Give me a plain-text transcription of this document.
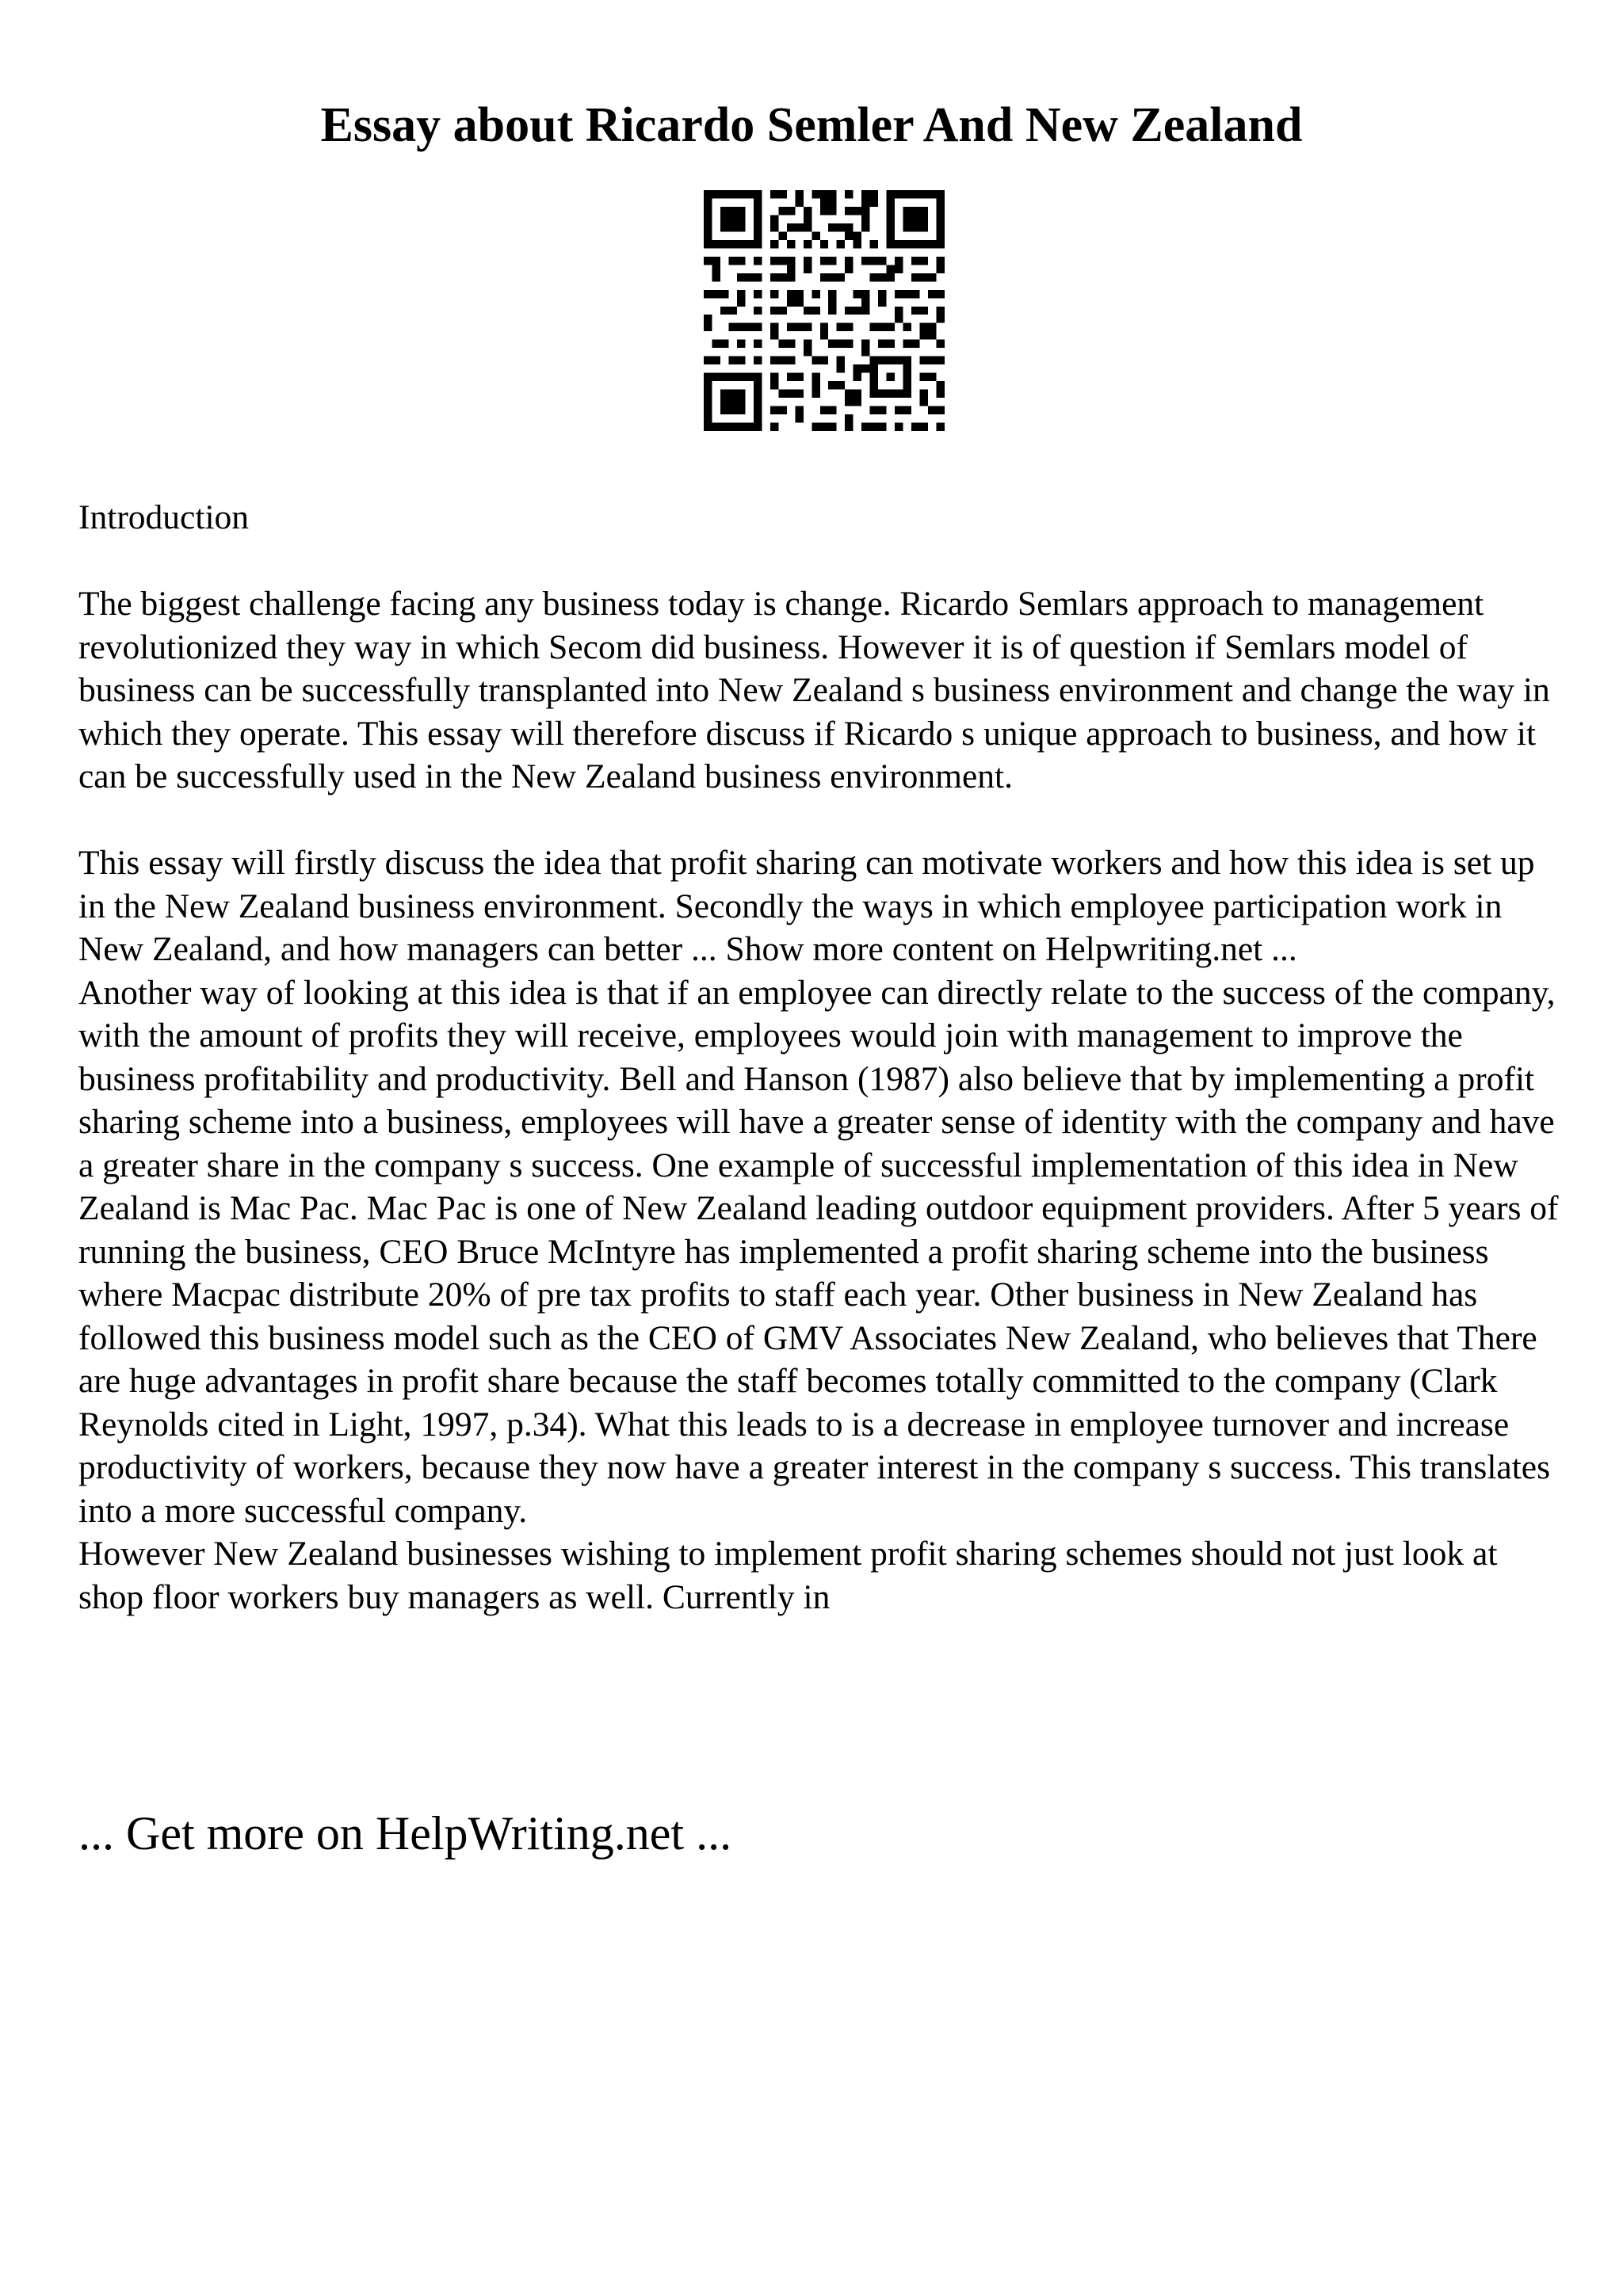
Essay about Ricardo Semler And New Zealand

Introduction

The biggest challenge facing any business today is change. Ricardo Semlars approach to management revolutionized they way in which Secom did business. However it is of question if Semlars model of business can be successfully transplanted into New Zealand s business environment and change the way in which they operate. This essay will therefore discuss if Ricardo s unique approach to business, and how it can be successfully used in the New Zealand business environment.

This essay will firstly discuss the idea that profit sharing can motivate workers and how this idea is set up in the New Zealand business environment. Secondly the ways in which employee participation work in New Zealand, and how managers can better ... Show more content on Helpwriting.net ...

Another way of looking at this idea is that if an employee can directly relate to the success of the company, with the amount of profits they will receive, employees would join with management to improve the business profitability and productivity. Bell and Hanson (1987) also believe that by implementing a profit sharing scheme into a business, employees will have a greater sense of identity with the company and have a greater share in the company s success. One example of successful implementation of this idea in New Zealand is Mac Pac. Mac Pac is one of New Zealand leading outdoor equipment providers. After 5 years of running the business, CEO Bruce McIntyre has implemented a profit sharing scheme into the business where Macpac distribute 20% of pre tax profits to staff each year. Other business in New Zealand has followed this business model such as the CEO of GMV Associates New Zealand, who believes that There are huge advantages in profit share because the staff becomes totally committed to the company (Clark Reynolds cited in Light, 1997, p.34). What this leads to is a decrease in employee turnover and increase productivity of workers, because they now have a greater interest in the company s success. This translates into a more successful company.

However New Zealand businesses wishing to implement profit sharing schemes should not just look at shop floor workers buy managers as well. Currently in

... Get more on HelpWriting.net ...
